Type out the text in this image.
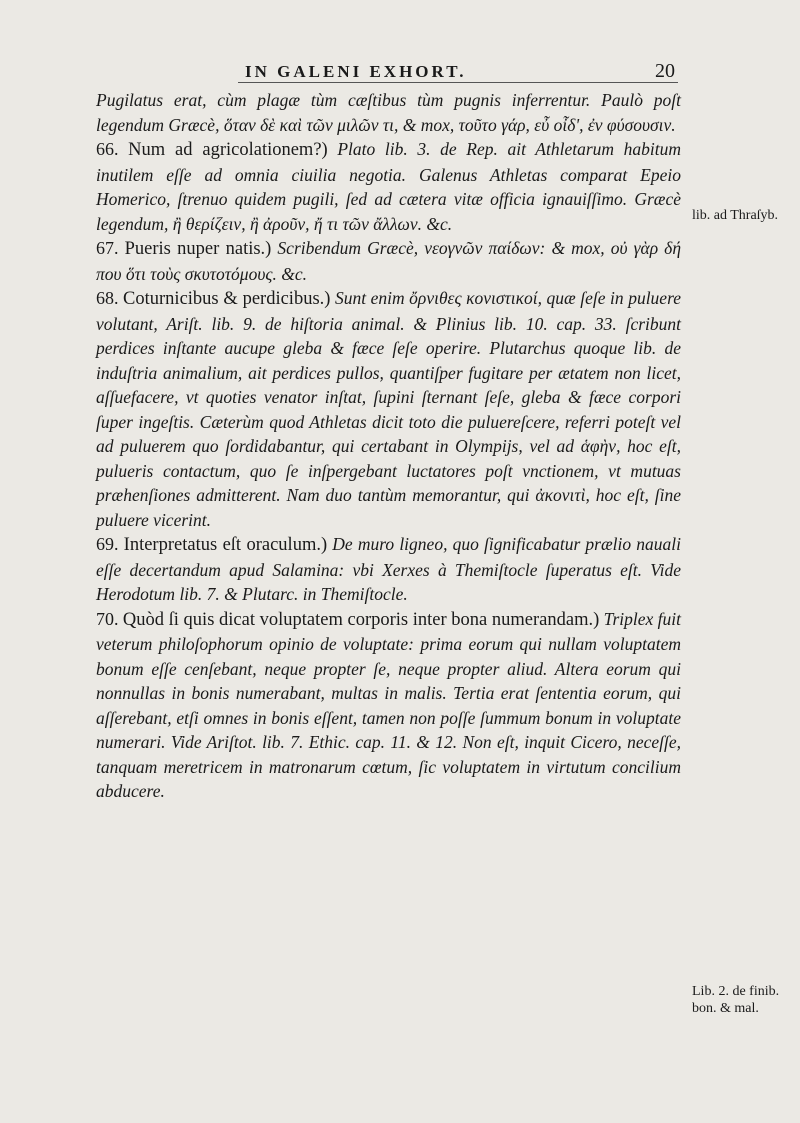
IN GALENI EXHORT.	20

Pugilatus erat, cùm plagæ tùm cæſtibus tùm pugnis inferrentur. Paulò poſt legendum Græcè, ὅταν δὲ καὶ τῶν μιλῶν τι, & mox, τοῦτο γάρ, εὖ οἶδ', ἐν φύσουσιν.

66. Num ad agricolationem?) Plato lib. 3. de Rep. ait Athletarum habitum inutilem eſſe ad omnia ciuilia negotia. Galenus Athletas comparat Epeio Homerico, ſtrenuo quidem pugili, ſed ad cætera vitæ officia ignauiſſimo. Græcè legendum, ἢ θερίζειν, ἢ ἀροῦν, ἤ τι τῶν ἄλλων. &c.

67. Pueris nuper natis.) Scribendum Græcè, νεογνῶν παίδων: & mox, οὐ γὰρ δή που ὅτι τοὺς σκυτοτόμους. &c.

68. Coturnicibus & perdicibus.) Sunt enim ὄρνιθες κονιστικοί, quæ ſeſe in puluere volutant, Ariſt. lib. 9. de hiſtoria animal. & Plinius lib. 10. cap. 33. ſcribunt perdices inſtante aucupe gleba & fæce ſeſe operire. Plutarchus quoque lib. de induſtria animalium, ait perdices pullos, quantiſper fugitare per ætatem non licet, aſſuefacere, vt quoties venator inſtat, ſupini ſternant ſeſe, gleba & fæce corpori ſuper ingeſtis. Cæterùm quod Athletas dicit toto die puluereſcere, referri poteſt vel ad puluerem quo ſordidabantur, qui certabant in Olympijs, vel ad ἁφὴν, hoc eſt, pulueris contactum, quo ſe inſpergebant luctatores poſt vnctionem, vt mutuas præhenſiones admitterent. Nam duo tantùm memorantur, qui ἀκονιτὶ, hoc eſt, ſine puluere vicerint.

69. Interpretatus eſt oraculum.) De muro ligneo, quo ſignificabatur prælio nauali eſſe decertandum apud Salamina: vbi Xerxes à Themiſtocle ſuperatus eſt. Vide Herodotum lib. 7. & Plutarc. in Themiſtocle.

70. Quòd ſi quis dicat voluptatem corporis inter bona numerandam.) Triplex fuit veterum philoſophorum opinio de voluptate: prima eorum qui nullam voluptatem bonum eſſe cenſebant, neque propter ſe, neque propter aliud. Altera eorum qui nonnullas in bonis numerabant, multas in malis. Tertia erat ſententia eorum, qui aſſerebant, etſi omnes in bonis eſſent, tamen non poſſe ſummum bonum in voluptate numerari. Vide Ariſtot. lib. 7. Ethic. cap. 11. & 12. Non eſt, inquit Cicero, neceſſe, tanquam meretricem in matronarum cœtum, ſic voluptatem in virtutum concilium abducere.

lib. ad Thraſyb.
Lib. 2. de finib. bon. & mal.
